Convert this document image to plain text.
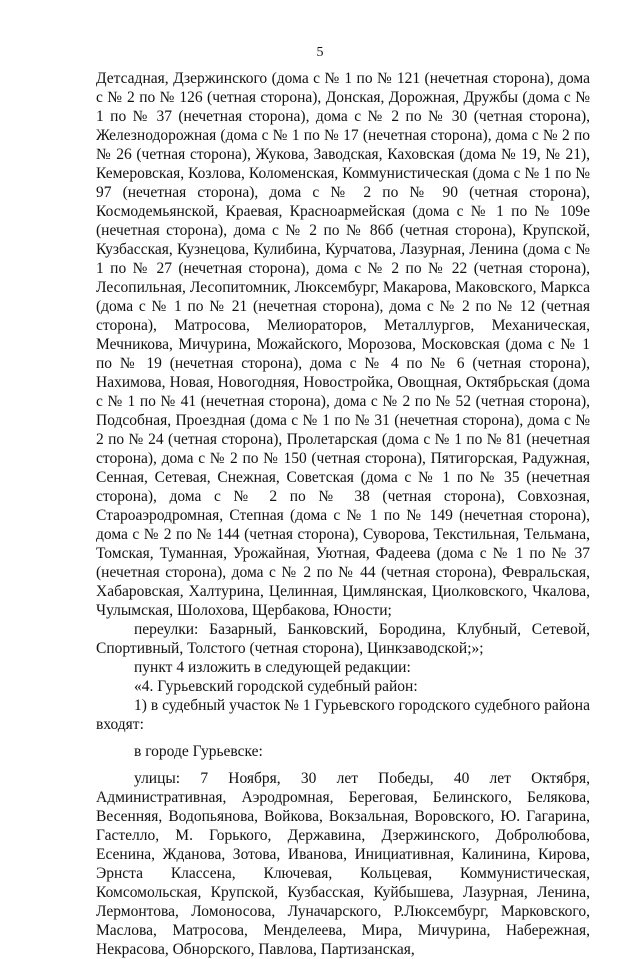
5

Детсадная, Дзержинского (дома с № 1 по № 121 (нечетная сторона), дома с № 2 по № 126 (четная сторона), Донская, Дорожная, Дружбы (дома с № 1 по № 37 (нечетная сторона), дома с № 2 по № 30 (четная сторона), Железнодорожная (дома с № 1 по № 17 (нечетная сторона), дома с № 2 по № 26 (четная сторона), Жукова, Заводская, Каховская (дома № 19, № 21), Кемеровская, Козлова, Коломенская, Коммунистическая (дома с № 1 по № 97 (нечетная сторона), дома с № 2 по № 90 (четная сторона), Космодемьянской, Краевая, Красноармейская (дома с № 1 по № 109е (нечетная сторона), дома с № 2 по № 86б (четная сторона), Крупской, Кузбасская, Кузнецова, Кулибина, Курчатова, Лазурная, Ленина (дома с № 1 по № 27 (нечетная сторона), дома с № 2 по № 22 (четная сторона), Лесопильная, Лесопитомник, Люксембург, Макарова, Маковского, Маркса (дома с № 1 по № 21 (нечетная сторона), дома с № 2 по № 12 (четная сторона), Матросова, Мелиораторов, Металлургов, Механическая, Мечникова, Мичурина, Можайского, Морозова, Московская (дома с № 1 по № 19 (нечетная сторона), дома с № 4 по № 6 (четная сторона), Нахимова, Новая, Новогодняя, Новостройка, Овощная, Октябрьская (дома с № 1 по № 41 (нечетная сторона), дома с № 2 по № 52 (четная сторона), Подсобная, Проездная (дома с № 1 по № 31 (нечетная сторона), дома с № 2 по № 24 (четная сторона), Пролетарская (дома с № 1 по № 81 (нечетная сторона), дома с № 2 по № 150 (четная сторона), Пятигорская, Радужная, Сенная, Сетевая, Снежная, Советская (дома с № 1 по № 35 (нечетная сторона), дома с № 2 по № 38 (четная сторона), Совхозная, Староаэродромная, Степная (дома с № 1 по № 149 (нечетная сторона), дома с № 2 по № 144 (четная сторона), Суворова, Текстильная, Тельмана, Томская, Туманная, Урожайная, Уютная, Фадеева (дома с № 1 по № 37 (нечетная сторона), дома с № 2 по № 44 (четная сторона), Февральская, Хабаровская, Халтурина, Целинная, Цимлянская, Циолковского, Чкалова, Чулымская, Шолохова, Щербакова, Юности;

переулки: Базарный, Банковский, Бородина, Клубный, Сетевой, Спортивный, Толстого (четная сторона), Цинкзаводской;»;

пункт 4 изложить в следующей редакции:

«4. Гурьевский городской судебный район:

1) в судебный участок № 1 Гурьевского городского судебного района входят:

в городе Гурьевске:

улицы: 7 Ноября, 30 лет Победы, 40 лет Октября, Административная, Аэродромная, Береговая, Белинского, Белякова, Весенняя, Водопьянова, Войкова, Вокзальная, Воровского, Ю. Гагарина, Гастелло, М. Горького, Державина, Дзержинского, Добролюбова, Есенина, Жданова, Зотова, Иванова, Инициативная, Калинина, Кирова, Эрнста Классена, Ключевая, Кольцевая, Коммунистическая, Комсомольская, Крупской, Кузбасская, Куйбышева, Лазурная, Ленина, Лермонтова, Ломоносова, Луначарского, Р.Люксембург, Марковского, Маслова, Матросова, Менделеева, Мира, Мичурина, Набережная, Некрасова, Обнорского, Павлова, Партизанская,
